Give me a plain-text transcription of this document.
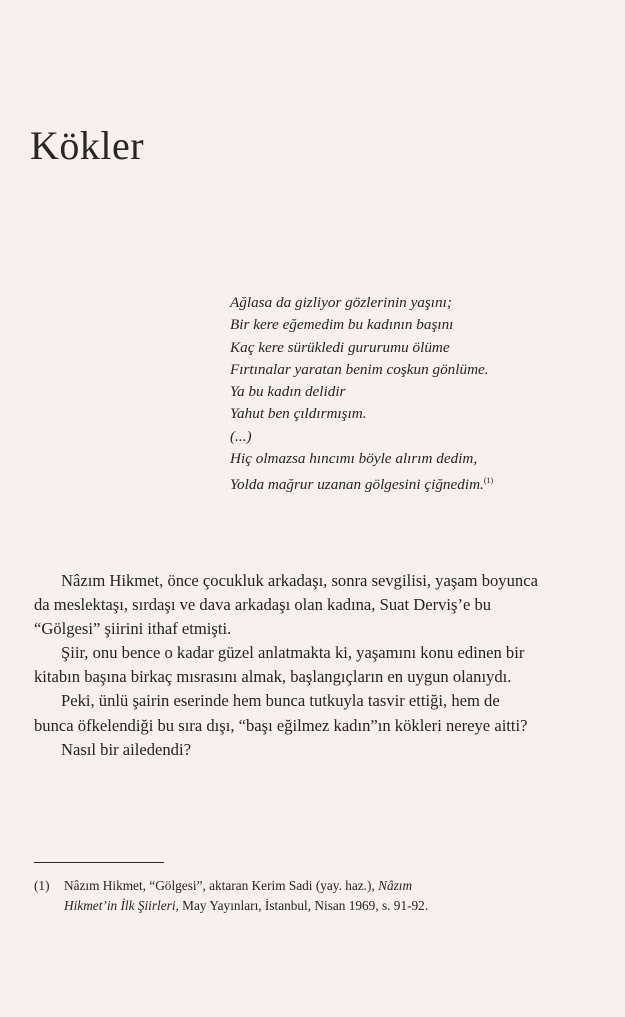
Kökler
Ağlasa da gizliyor gözlerinin yaşını;
Bir kere eğemedim bu kadının başını
Kaç kere sürükledi gururumu ölüme
Fırtınalar yaratan benim coşkun gönlüme.
Ya bu kadın delidir
Yahut ben çıldırmışım.
(...)
Hiç olmazsa hıncımı böyle alırım dedim,
Yolda mağrur uzanan gölgesini çiğnedim.$^{(1)}$

Nâzım Hikmet, önce çocukluk arkadaşı, sonra sevgilisi, yaşam boyunca da meslektaşı, sırdaşı ve dava arkadaşı olan kadına, Suat Derviş’e bu “Gölgesi” şiirini ithaf etmişti.

Şiir, onu bence o kadar güzel anlatmakta ki, yaşamını konu edinen bir kitabın başına birkaç mısrasını almak, başlangıçların en uygun olanıydı.

Peki, ünlü şairin eserinde hem bunca tutkuyla tasvir ettiği, hem de bunca öfkelendiği bu sıra dışı, “başı eğilmez kadın”ın kökleri nereye aitti?

Nasıl bir ailedendi?

(1) Nâzım Hikmet, “Gölgesi”, aktaran Kerim Sadi (yay. haz.), Nâzım
Hikmet’in İlk Şiirleri, May Yayınları, İstanbul, Nisan 1969, s. 91-92.
